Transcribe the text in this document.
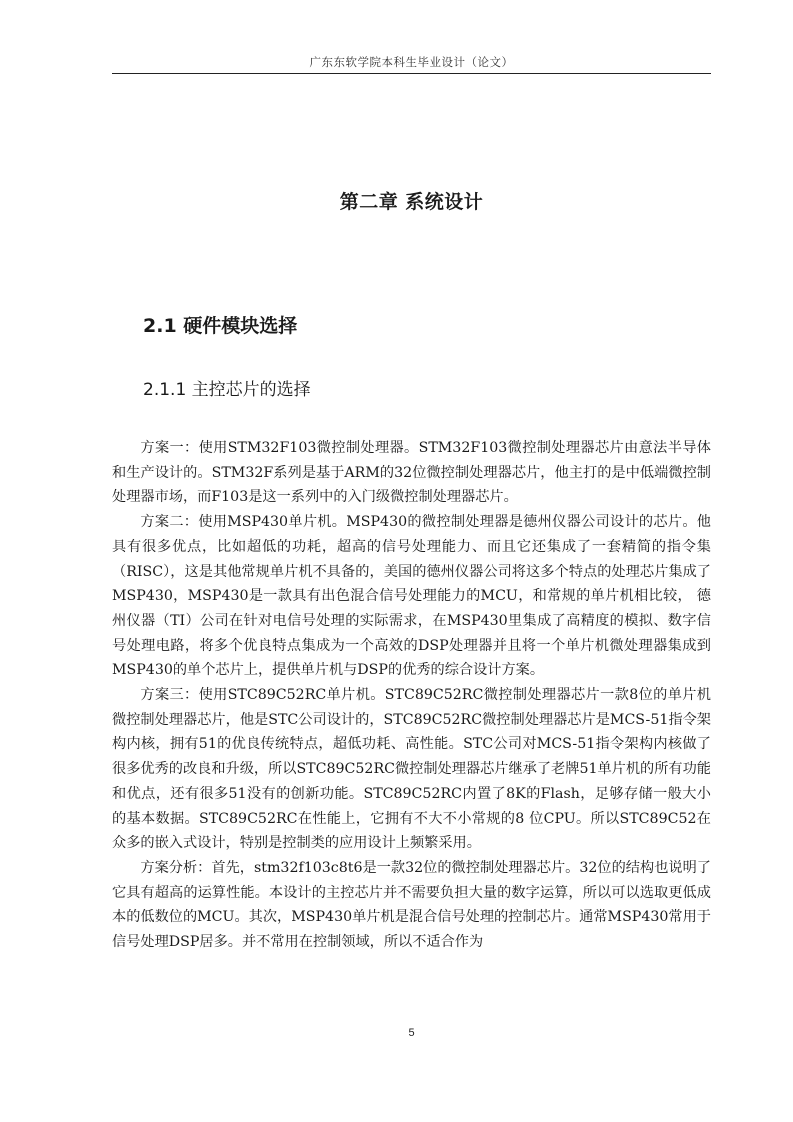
广东东软学院本科生毕业设计（论文）
第二章 系统设计
2.1 硬件模块选择
2.1.1 主控芯片的选择

方案一：使用STM32F103微控制处理器。STM32F103微控制处理器芯片由意法半导体和生产设计的。STM32F系列是基于ARM的32位微控制处理器芯片，他主打的是中低端微控制处理器市场，而F103是这一系列中的入门级微控制处理器芯片。

方案二：使用MSP430单片机。MSP430的微控制处理器是德州仪器公司设计的芯片。他具有很多优点，比如超低的功耗，超高的信号处理能力、而且它还集成了一套精简的指令集（RISC），这是其他常规单片机不具备的，美国的德州仪器公司将这多个特点的处理芯片集成了MSP430，MSP430是一款具有出色混合信号处理能力的MCU，和常规的单片机相比较， 德州仪器（TI）公司在针对电信号处理的实际需求，在MSP430里集成了高精度的模拟、数字信号处理电路，将多个优良特点集成为一个高效的DSP处理器并且将一个单片机微处理器集成到MSP430的单个芯片上，提供单片机与DSP的优秀的综合设计方案。

方案三：使用STC89C52RC单片机。STC89C52RC微控制处理器芯片一款8位的单片机微控制处理器芯片，他是STC公司设计的，STC89C52RC微控制处理器芯片是MCS-51指令架构内核，拥有51的优良传统特点，超低功耗、高性能。STC公司对MCS-51指令架构内核做了很多优秀的改良和升级，所以STC89C52RC微控制处理器芯片继承了老牌51单片机的所有功能和优点，还有很多51没有的创新功能。STC89C52RC内置了8K的Flash，足够存储一般大小的基本数据。STC89C52RC在性能上，它拥有不大不小常规的8 位CPU。所以STC89C52在众多的嵌入式设计，特别是控制类的应用设计上频繁采用。

方案分析：首先，stm32f103c8t6是一款32位的微控制处理器芯片。32位的结构也说明了它具有超高的运算性能。本设计的主控芯片并不需要负担大量的数字运算，所以可以选取更低成本的低数位的MCU。其次，MSP430单片机是混合信号处理的控制芯片。通常MSP430常用于信号处理DSP居多。并不常用在控制领域，所以不适合作为

5
